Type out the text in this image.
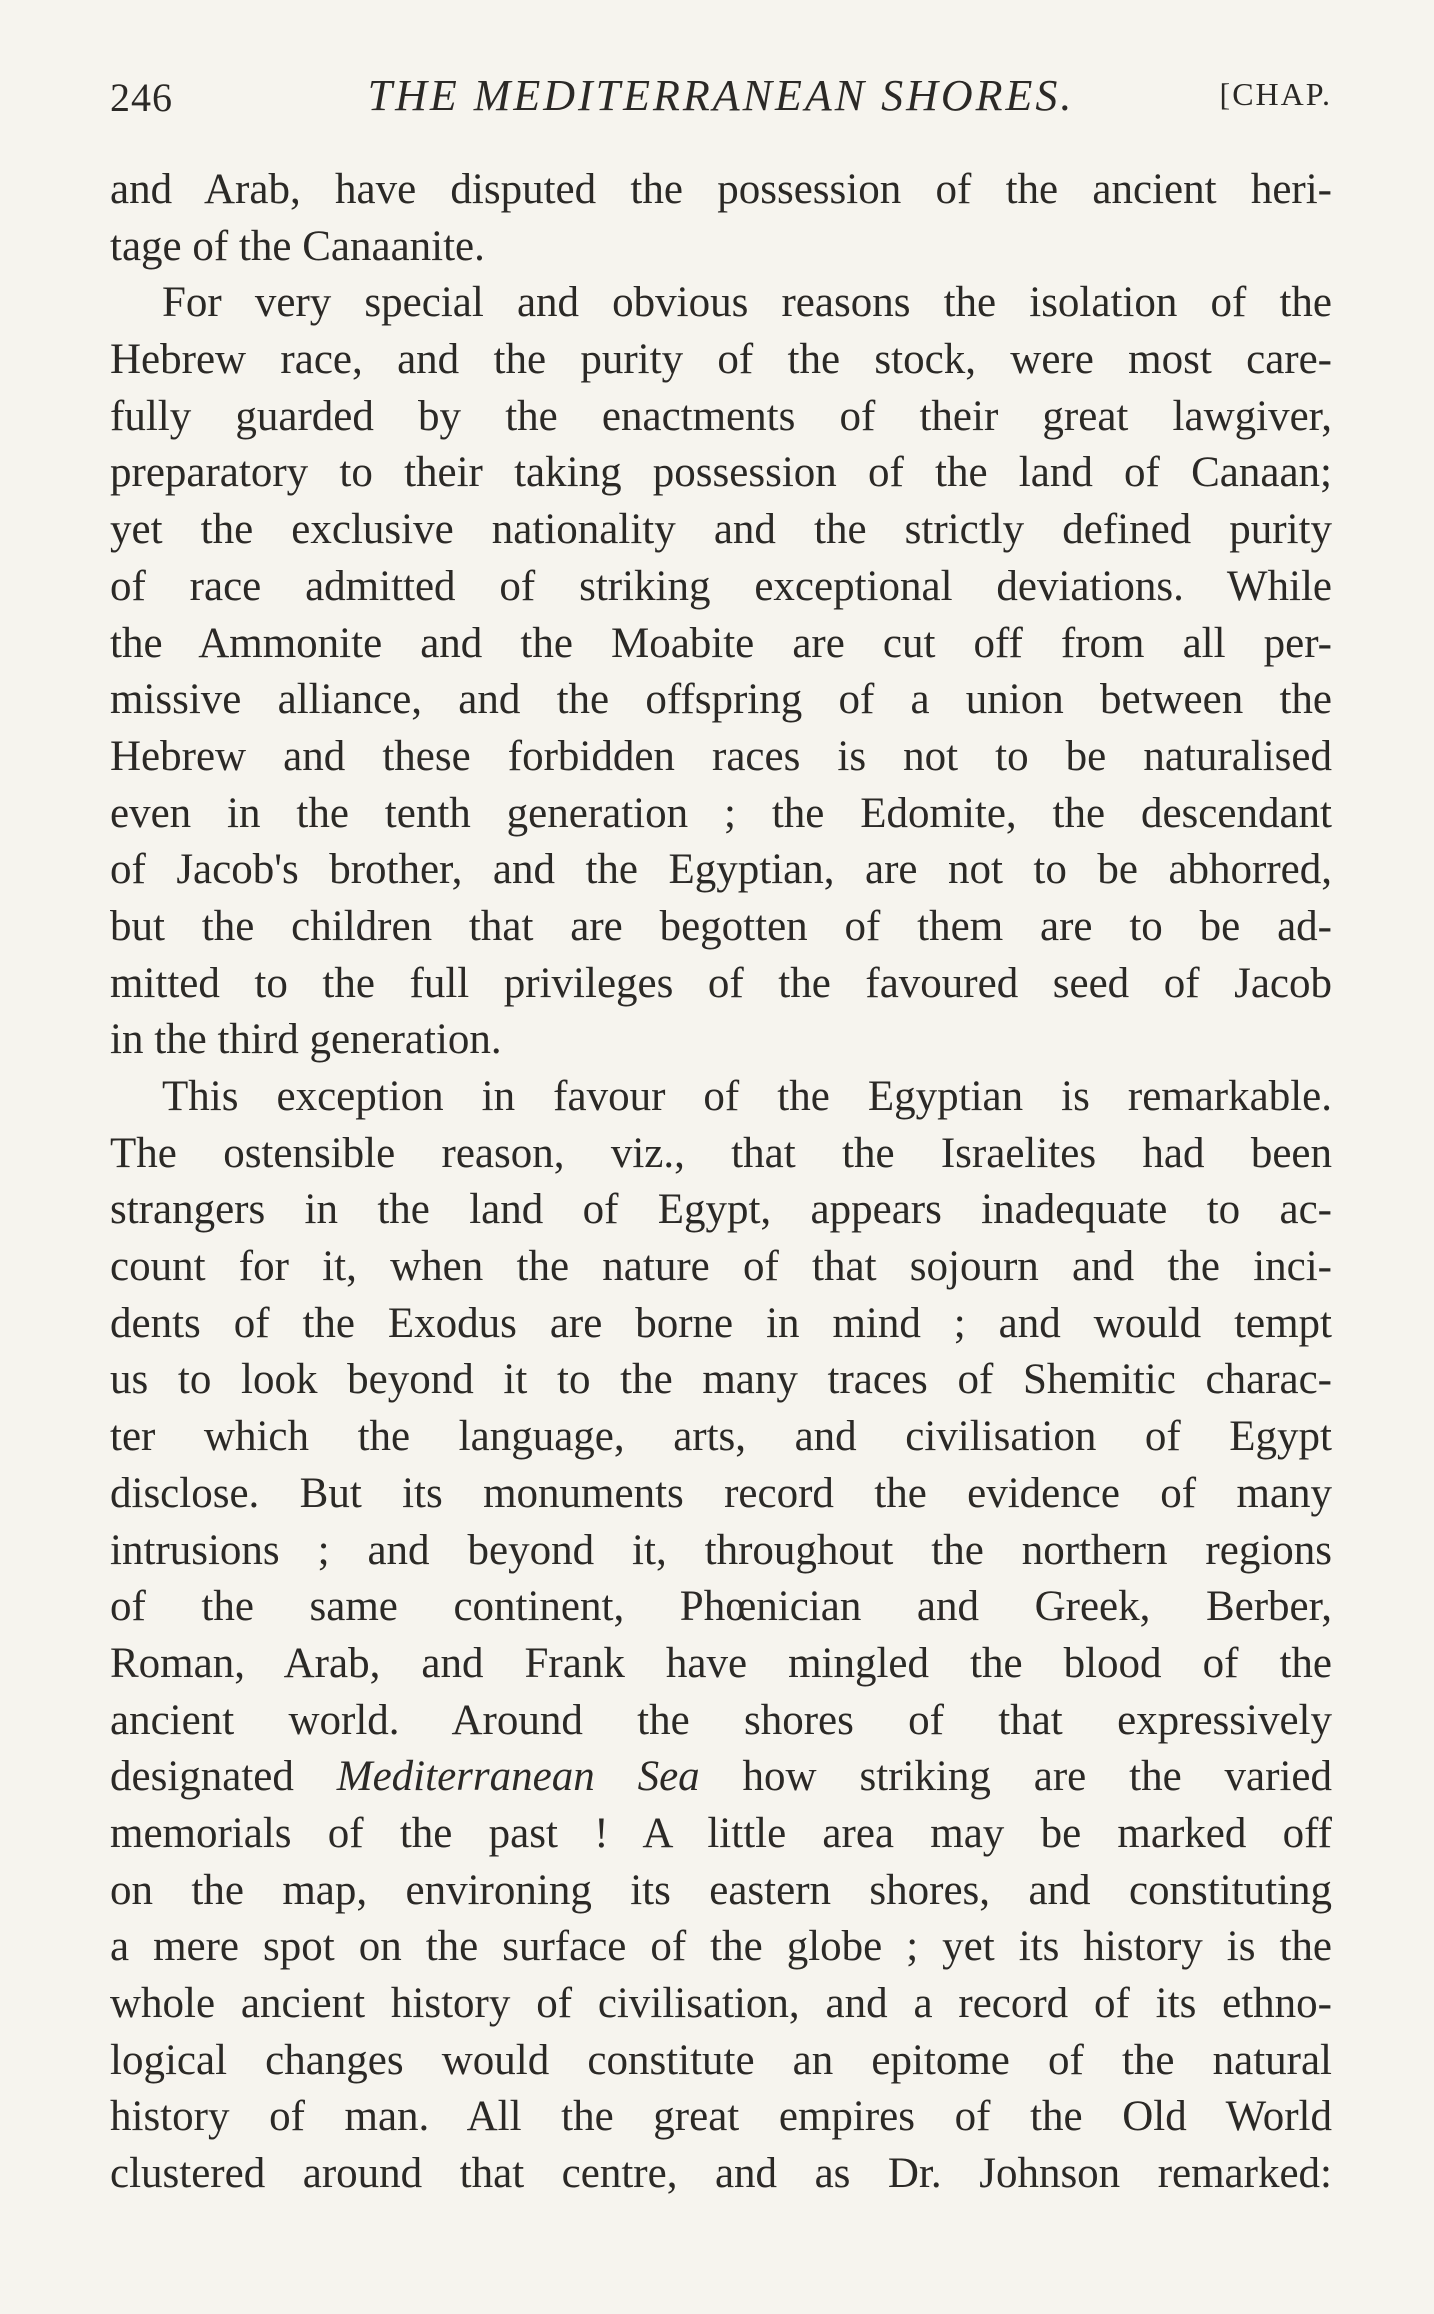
246	THE MEDITERRANEAN SHORES.	[CHAP.
and Arab, have disputed the possession of the ancient heri-
tage of the Canaanite.
For very special and obvious reasons the isolation of the
Hebrew race, and the purity of the stock, were most care-
fully guarded by the enactments of their great lawgiver,
preparatory to their taking possession of the land of Canaan;
yet the exclusive nationality and the strictly defined purity
of race admitted of striking exceptional deviations. While
the Ammonite and the Moabite are cut off from all per-
missive alliance, and the offspring of a union between the
Hebrew and these forbidden races is not to be naturalised
even in the tenth generation ; the Edomite, the descendant
of Jacob's brother, and the Egyptian, are not to be abhorred,
but the children that are begotten of them are to be ad-
mitted to the full privileges of the favoured seed of Jacob
in the third generation.
This exception in favour of the Egyptian is remarkable.
The ostensible reason, viz., that the Israelites had been
strangers in the land of Egypt, appears inadequate to ac-
count for it, when the nature of that sojourn and the inci-
dents of the Exodus are borne in mind ; and would tempt
us to look beyond it to the many traces of Shemitic charac-
ter which the language, arts, and civilisation of Egypt
disclose. But its monuments record the evidence of many
intrusions ; and beyond it, throughout the northern regions
of the same continent, Phœnician and Greek, Berber,
Roman, Arab, and Frank have mingled the blood of the
ancient world. Around the shores of that expressively
designated Mediterranean Sea how striking are the varied
memorials of the past ! A little area may be marked off
on the map, environing its eastern shores, and constituting
a mere spot on the surface of the globe ; yet its history is the
whole ancient history of civilisation, and a record of its ethno-
logical changes would constitute an epitome of the natural
history of man. All the great empires of the Old World
clustered around that centre, and as Dr. Johnson remarked:
